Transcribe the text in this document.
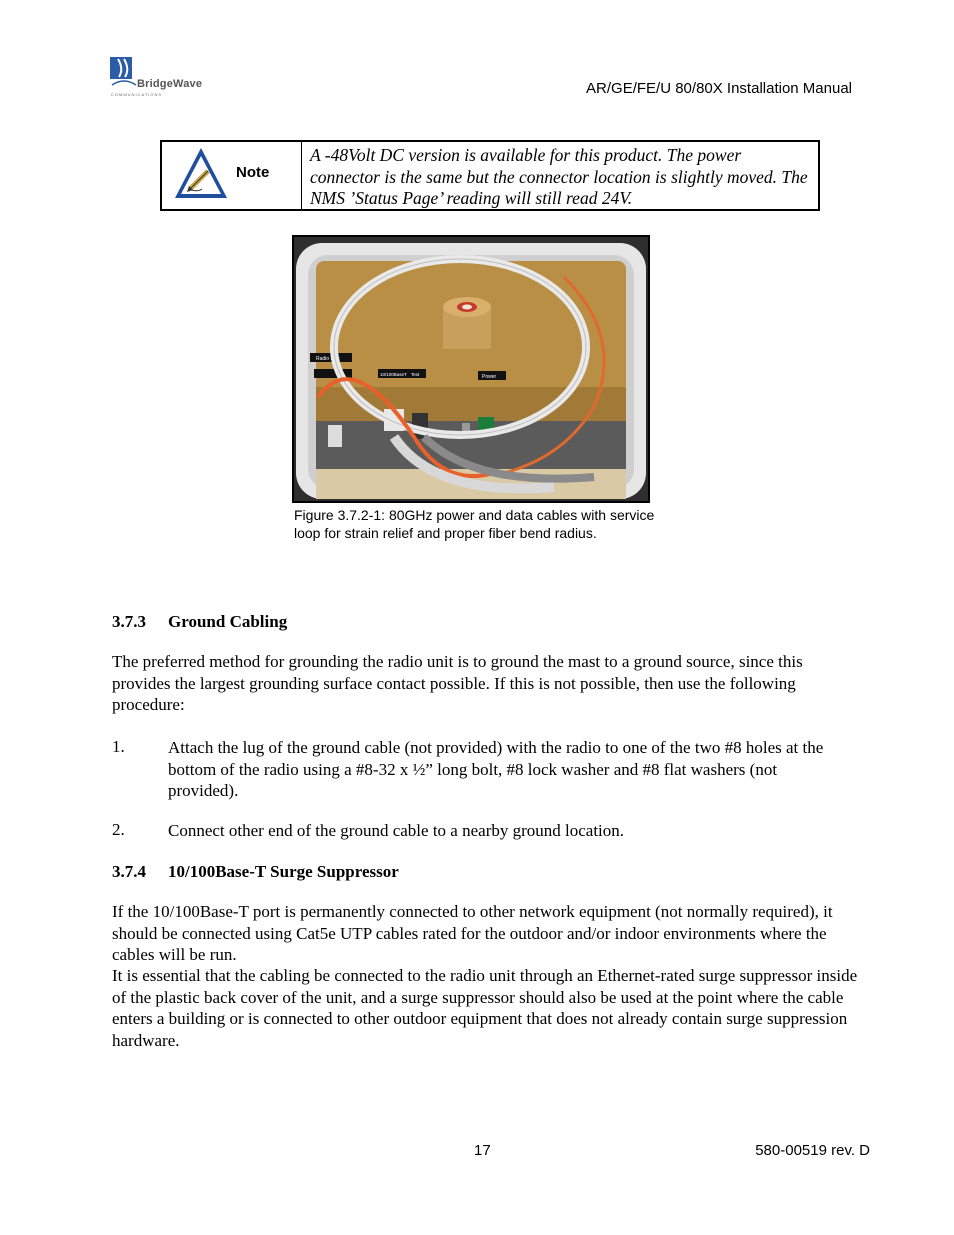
BridgeWave
COMMUNICATIONS	AR/GE/FE/U 80/80X Installation Manual
Note
A -48Volt DC version is available for this product. The power connector is the same but the connector location is slightly moved. The NMS ’Status Page’ reading will still read 24V.
Radio Link
10/100BaseT Test	Power
Figure 3.7.2-1: 80GHz power and data cables with service loop for strain relief and proper fiber bend radius.
3.7.3 Ground Cabling
The preferred method for grounding the radio unit is to ground the mast to a ground source, since this provides the largest grounding surface contact possible. If this is not possible, then use the following procedure:
1.	Attach the lug of the ground cable (not provided) with the radio to one of the two #8 holes at the bottom of the radio using a #8-32 x ½” long bolt, #8 lock washer and #8 flat washers (not provided).
2.	Connect other end of the ground cable to a nearby ground location.
3.7.4 10/100Base-T Surge Suppressor
If the 10/100Base-T port is permanently connected to other network equipment (not normally required), it should be connected using Cat5e UTP cables rated for the outdoor and/or indoor environments where the cables will be run.
It is essential that the cabling be connected to the radio unit through an Ethernet-rated surge suppressor inside of the plastic back cover of the unit, and a surge suppressor should also be used at the point where the cable enters a building or is connected to other outdoor equipment that does not already contain surge suppression hardware.
17	580-00519 rev. D
